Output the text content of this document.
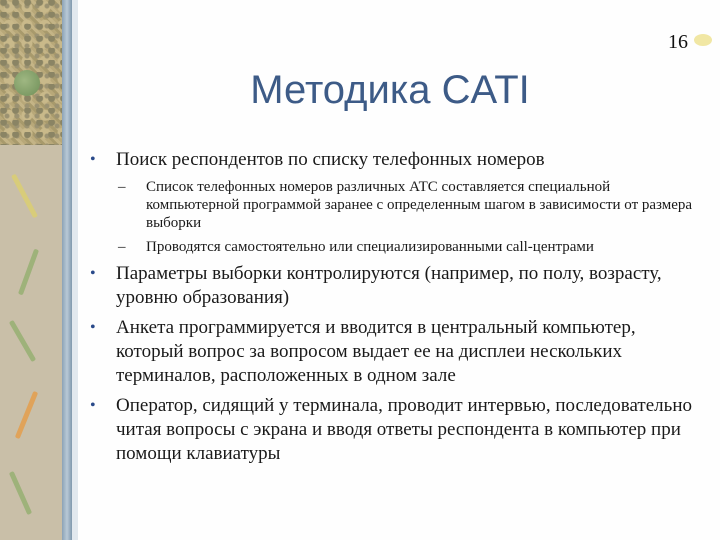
16
Методика CATI

• Поиск респондентов по списку телефонных номеров

– Список телефонных номеров различных АТС составляется специальной компьютерной программой заранее с определенным шагом в зависимости от размера выборки

– Проводятся самостоятельно или специализированными call-центрами

• Параметры выборки контролируются (например, по полу, возрасту, уровню образования)

• Анкета программируется и вводится в центральный компьютер, который вопрос за вопросом выдает ее на дисплеи нескольких терминалов, расположенных в одном зале

• Оператор, сидящий у терминала, проводит интервью, последовательно читая вопросы с экрана и вводя ответы респондента в компьютер при помощи клавиатуры
